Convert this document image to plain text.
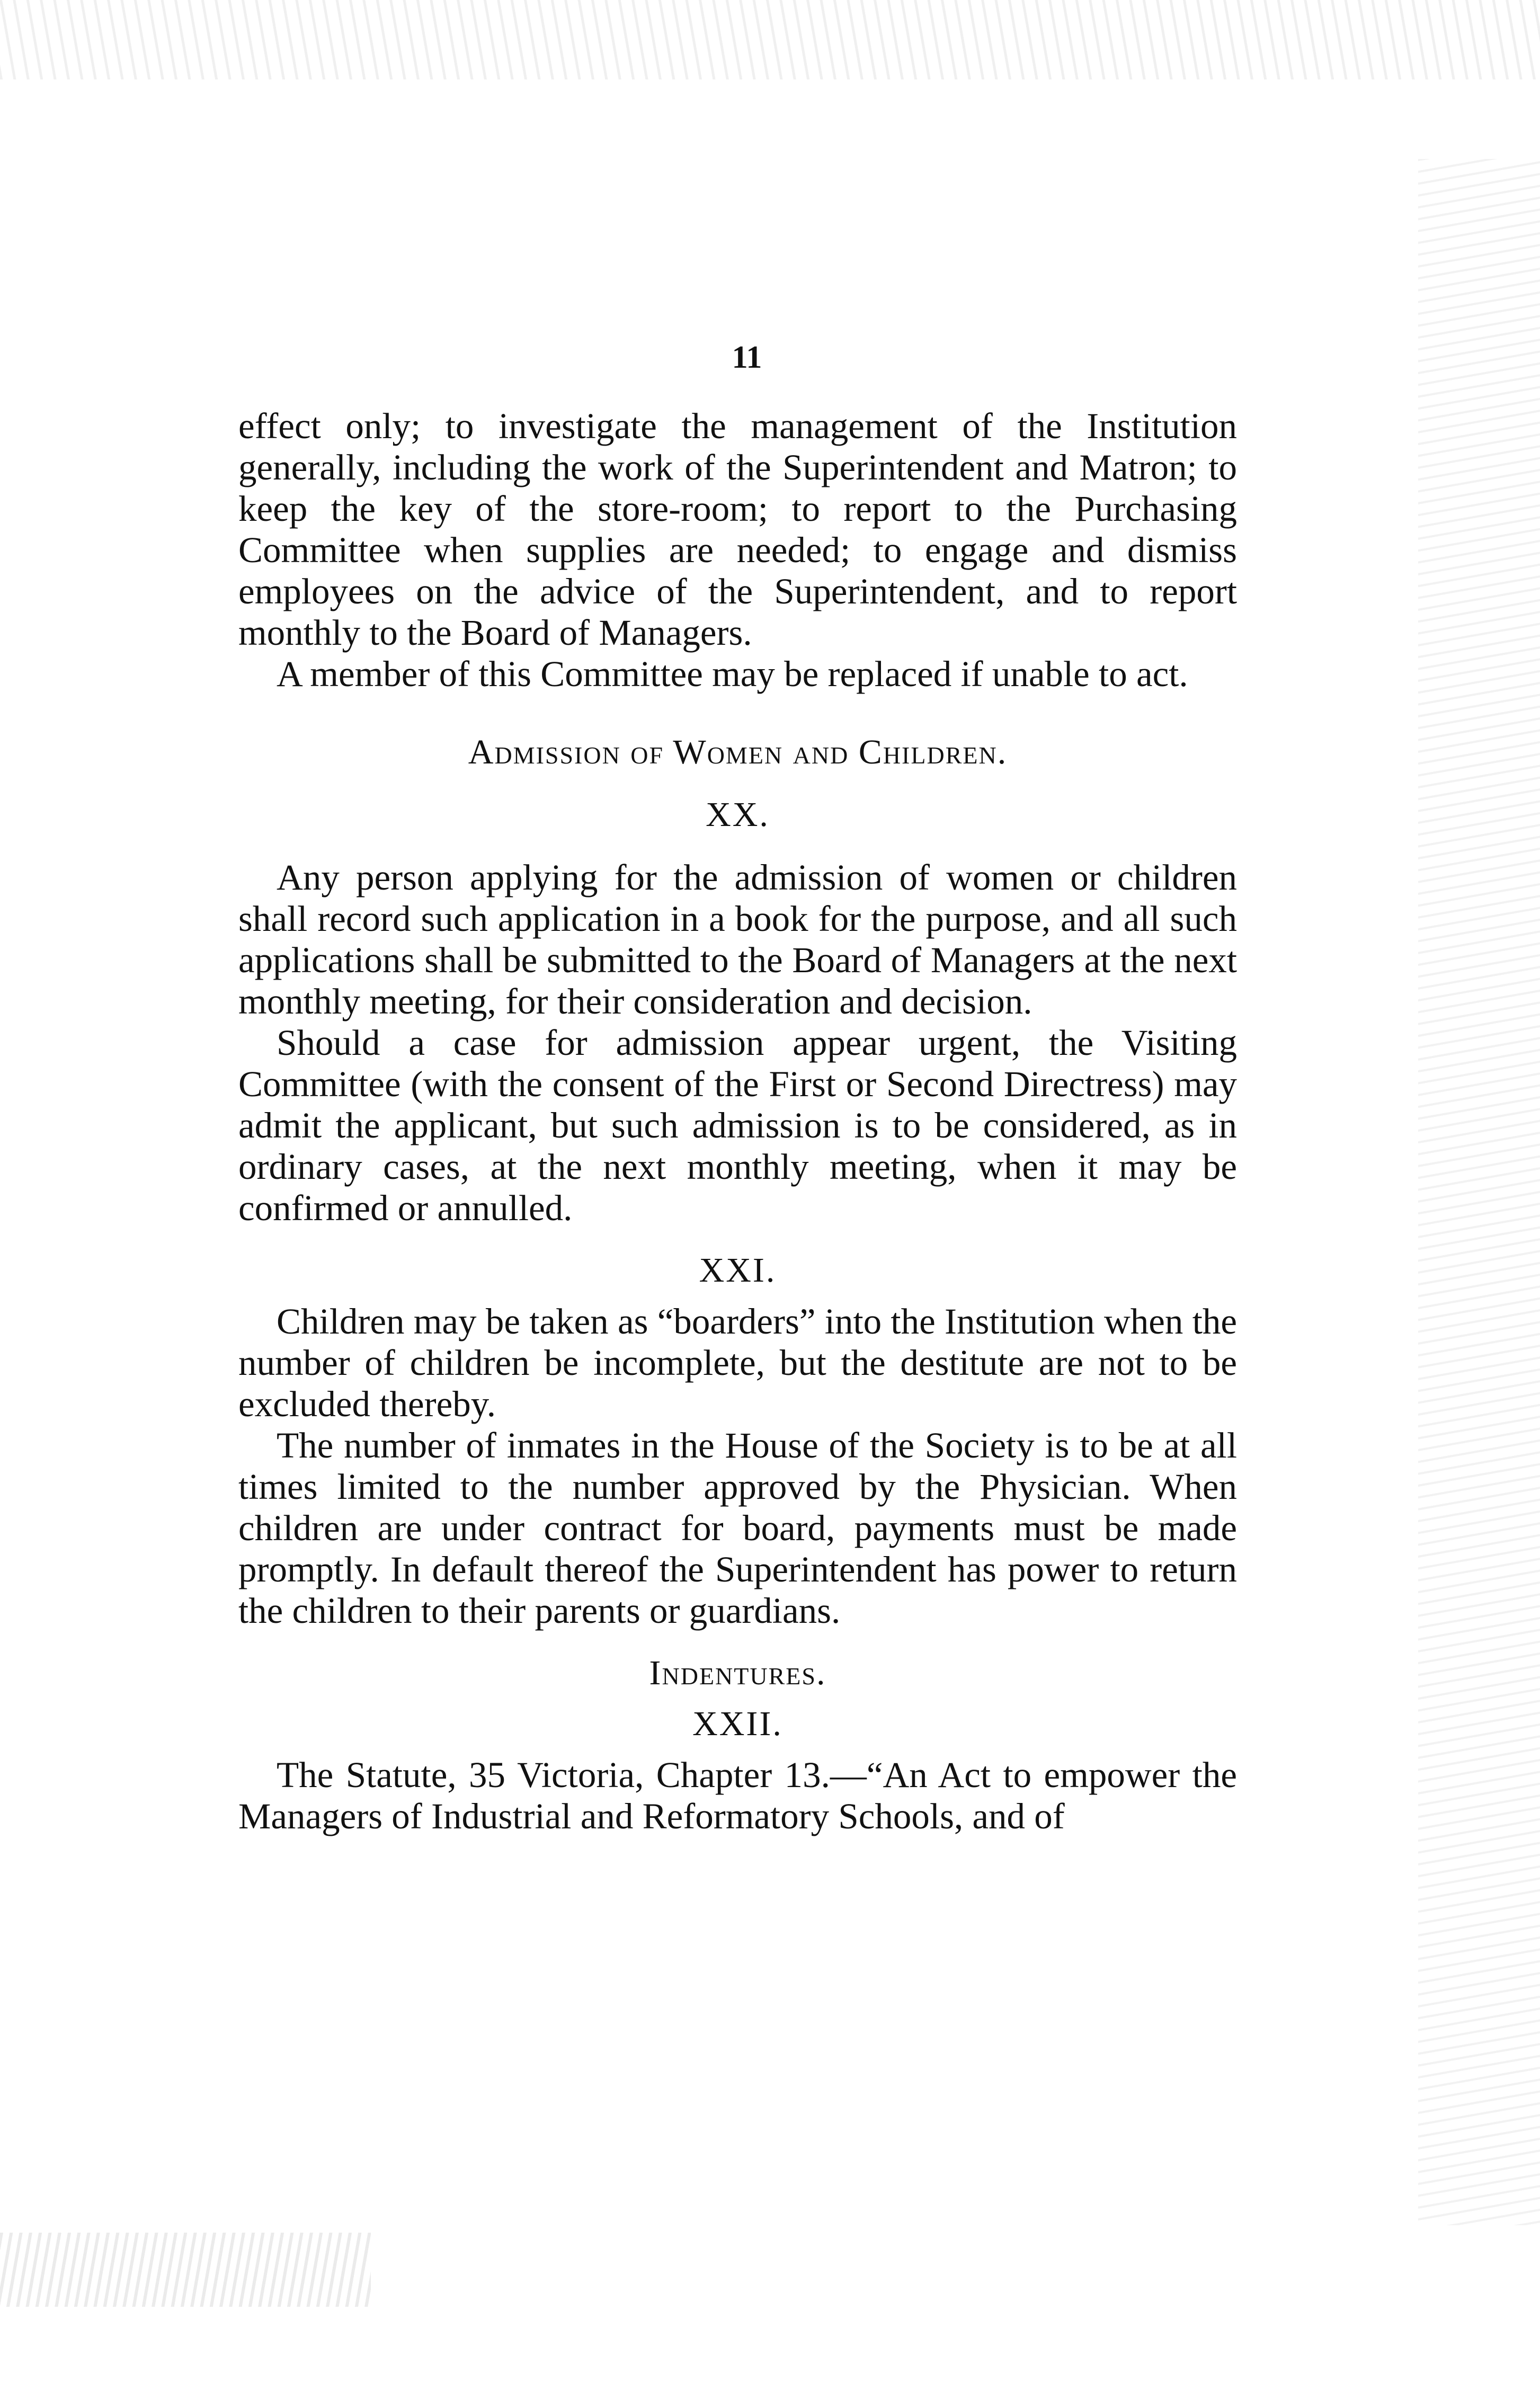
11

effect only; to investigate the management of the Institution generally, including the work of the Superintendent and Matron; to keep the key of the store-room; to report to the Purchasing Committee when supplies are needed; to engage and dismiss employees on the advice of the Superintendent, and to report monthly to the Board of Managers.

A member of this Committee may be replaced if unable to act.

Admission of Women and Children.

XX.

Any person applying for the admission of women or children shall record such application in a book for the purpose, and all such applications shall be submitted to the Board of Managers at the next monthly meeting, for their consideration and decision.

Should a case for admission appear urgent, the Visiting Committee (with the consent of the First or Second Directress) may admit the applicant, but such admission is to be considered, as in ordinary cases, at the next monthly meeting, when it may be confirmed or annulled.

XXI.

Children may be taken as “boarders” into the Institution when the number of children be incomplete, but the destitute are not to be excluded thereby.

The number of inmates in the House of the Society is to be at all times limited to the number approved by the Physician. When children are under contract for board, payments must be made promptly. In default thereof the Superintendent has power to return the children to their parents or guardians.

Indentures.

XXII.

The Statute, 35 Victoria, Chapter 13.—“An Act to empower the Managers of Industrial and Reformatory Schools, and of
